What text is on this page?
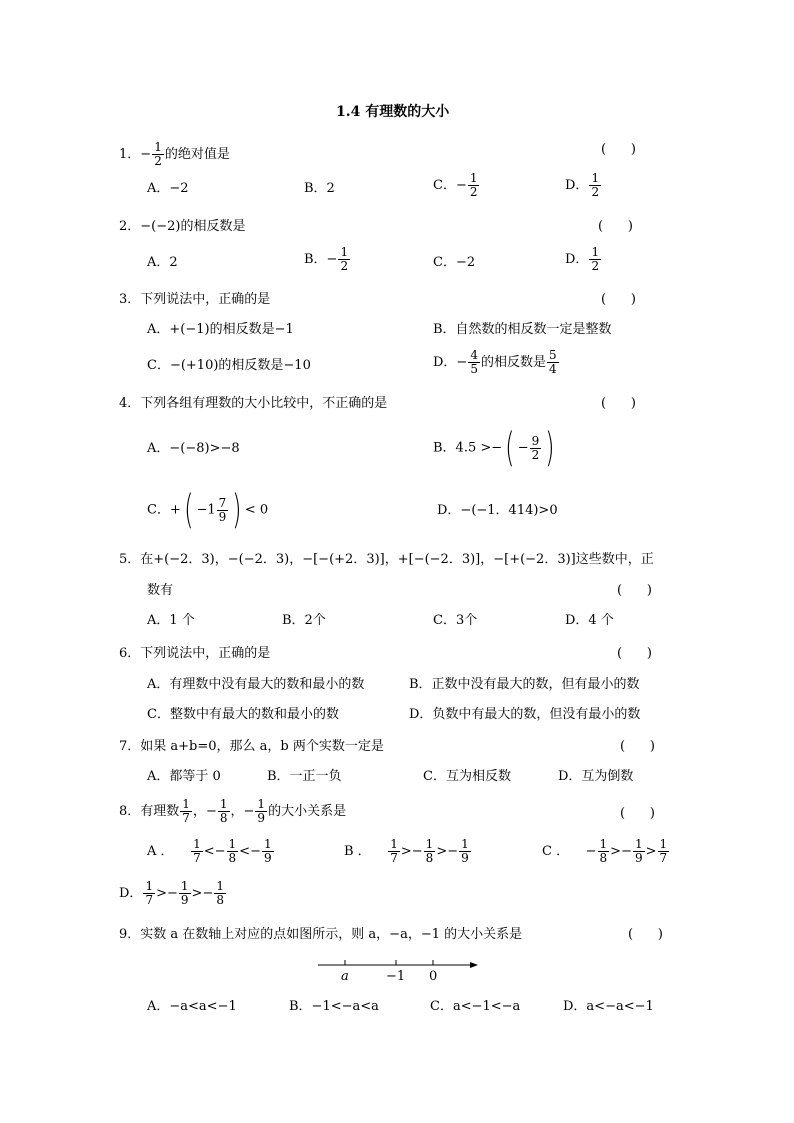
1.4 有理数的大小
1．− $\frac{1}{2}$ 的绝对值是	(      )
A．−2	B．2	C．− $\frac{1}{2}$	D． $\frac{1}{2}$
2．−(−2)的相反数是	(      )
A．2	B．− $\frac{1}{2}$	C．−2	D． $\frac{1}{2}$
3．下列说法中，正确的是	(      )
A．+(−1)的相反数是−1	B．自然数的相反数一定是整数
C．−(+10)的相反数是−10	D．− $\frac{4}{5}$ 的相反数是 $\frac{5}{4}$
4．下列各组有理数的大小比较中，不正确的是	(      )
A．−(−8)>−8	B．4.5 >−( − $\frac{9}{2}$ )
C．+( $-1 \frac{7}{9}$ ) < 0	D．−(−1．414)>0
5．在+(−2．3)，−(−2．3)，−[−(+2．3)]，+[−(−2．3)]，−[+(−2．3)]这些数中，正
数有	(      )
A．1 个	B．2个	C．3个	D．4 个
6．下列说法中，正确的是	(      )
A．有理数中没有最大的数和最小的数	B．正数中没有最大的数，但有最小的数
C．整数中有最大的数和最小的数	D．负数中有最大的数，但没有最小的数
7．如果 a+b=0，那么 a，b 两个实数一定是	(      )
A．都等于 0	B．一正一负	C．互为相反数	D．互为倒数
8．有理数 $\frac{1}{7}$ ，− $\frac{1}{8}$ ，− $\frac{1}{9}$ 的大小关系是	(      )
A ． $\frac{1}{7} <- \frac{1}{8} <- \frac{1}{9}$	B ． $\frac{1}{7} >- \frac{1}{8} >- \frac{1}{9}$	C ． − $\frac{1}{8} >- \frac{1}{9} > \frac{1}{7}$
D． $\frac{1}{7} >- \frac{1}{9} >- \frac{1}{8}$
9．实数 a 在数轴上对应的点如图所示，则 a，−a，−1 的大小关系是	(      )
a	−1 0
A．−a<a<−1	B．−1<−a<a	C．a<−1<−a	D．a<−a<−1
